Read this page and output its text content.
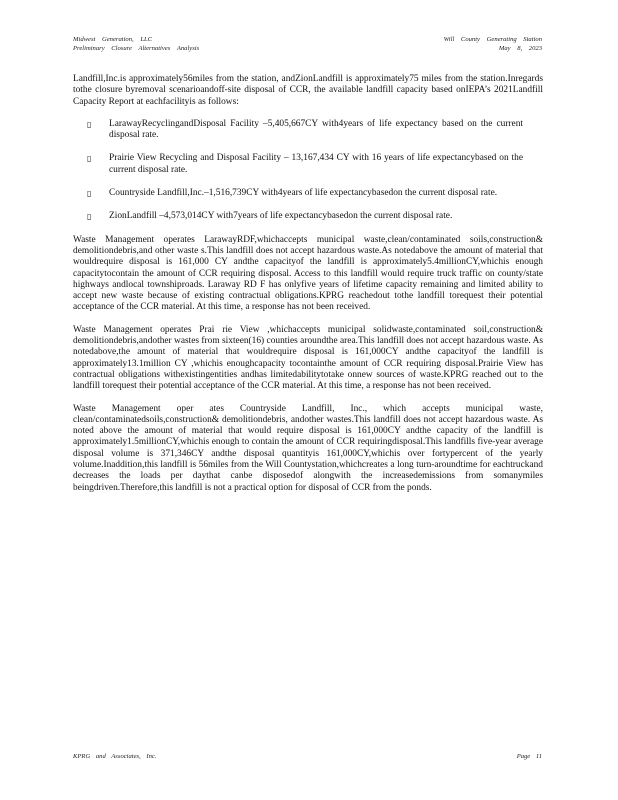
Midwest Generation, LLC
Preliminary Closure Alternatives Analysis
Will County Generating Station
May 8, 2023

Landfill,Inc.is approximately56miles from the station, andZionLandfill is approximately75 miles from the station.Inregards tothe closure byremoval scenarioandoff-site disposal of CCR, the available landfill capacity based onIEPA’s 2021Landfill Capacity Report at eachfacilityis as follows:

▯ LarawayRecyclingandDisposal Facility –5,405,667CY with4years of life expectancy based on the current disposal rate.
▯ Prairie View Recycling and Disposal Facility – 13,167,434 CY with 16 years of life expectancybased on the current disposal rate.
▯ Countryside Landfill,Inc.–1,516,739CY with4years of life expectancybasedon the current disposal rate.
▯ ZionLandfill –4,573,014CY with7years of life expectancybasedon the current disposal rate.

Waste Management operates LarawayRDF,whichaccepts municipal waste,clean/contaminated soils,construction& demolitiondebris,and other waste s.This landfill does not accept hazardous waste.As notedabove the amount of material that wouldrequire disposal is 161,000 CY andthe capacityof the landfill is approximately5.4millionCY,whichis enough capacitytocontain the amount of CCR requiring disposal. Access to this landfill would require truck traffic on county/state highways andlocal townshiproads. Laraway RD F has onlyfive years of lifetime capacity remaining and limited ability to accept new waste because of existing contractual obligations.KPRG reachedout tothe landfill torequest their potential acceptance of the CCR material. At this time, a response has not been received.

Waste Management operates Prai rie View ,whichaccepts municipal solidwaste,contaminated soil,construction& demolitiondebris,andother wastes from sixteen(16) counties aroundthe area.This landfill does not accept hazardous waste. As notedabove,the amount of material that wouldrequire disposal is 161,000CY andthe capacityof the landfill is approximately13.1million CY ,whichis enoughcapacity tocontainthe amount of CCR requiring disposal.Prairie View has contractual obligations withexistingentities andhas limitedabilitytotake onnew sources of waste.KPRG reached out to the landfill torequest their potential acceptance of the CCR material. At this time, a response has not been received.

Waste Management oper ates Countryside Landfill, Inc., which accepts municipal waste, clean/contaminatedsoils,construction& demolitiondebris, andother wastes.This landfill does not accept hazardous waste. As noted above the amount of material that would require disposal is 161,000CY andthe capacity of the landfill is approximately1.5millionCY,whichis enough to contain the amount of CCR requiringdisposal.This landfills five-year average disposal volume is 371,346CY andthe disposal quantityis 161,000CY,whichis over fortypercent of the yearly volume.Inaddition,this landfill is 56miles from the Will Countystation,whichcreates a long turn-aroundtime for eachtruckand decreases the loads per daythat canbe disposedof alongwith the increasedemissions from somanymiles beingdriven.Therefore,this landfill is not a practical option for disposal of CCR from the ponds.

KPRG and Associates, Inc.	Page 11
